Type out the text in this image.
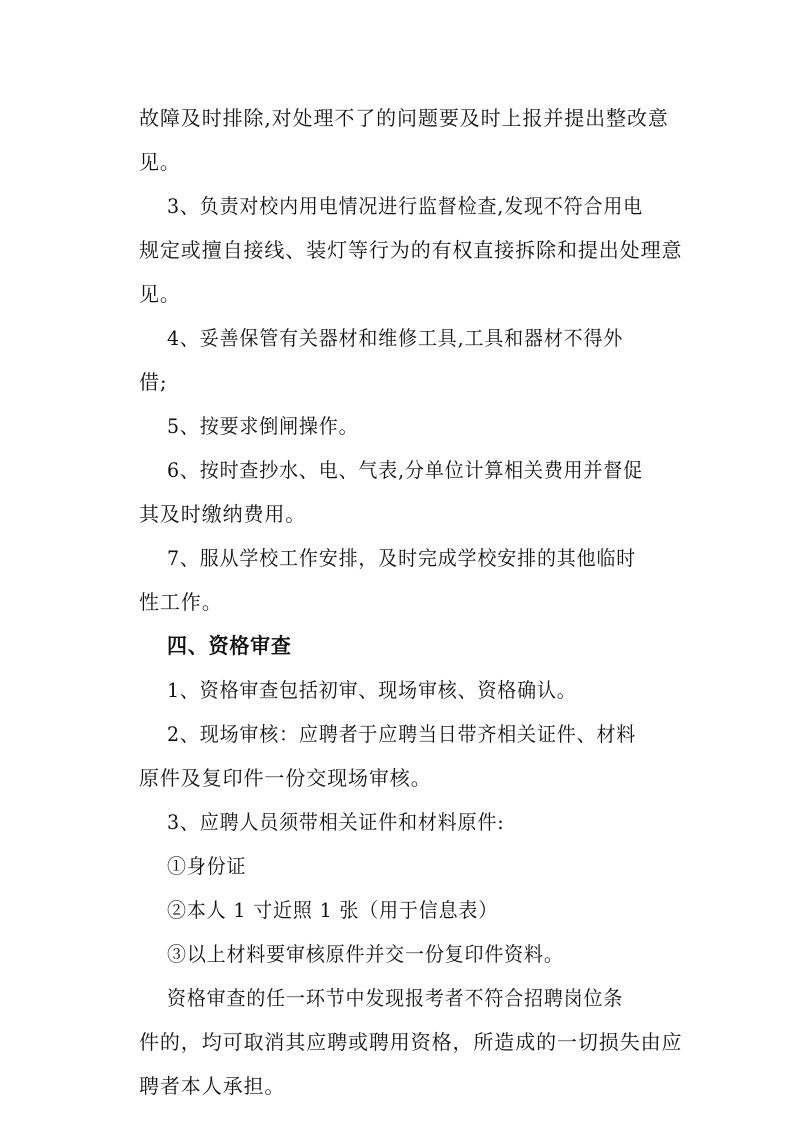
故障及时排除,对处理不了的问题要及时上报并提出整改意
见。
3、负责对校内用电情况进行监督检查,发现不符合用电
规定或擅自接线、装灯等行为的有权直接拆除和提出处理意
见。
4、妥善保管有关器材和维修工具,工具和器材不得外
借;
5、按要求倒闸操作。
6、按时查抄水、电、气表,分单位计算相关费用并督促
其及时缴纳费用。
7、服从学校工作安排，及时完成学校安排的其他临时
性工作。
四、资格审查
1、资格审查包括初审、现场审核、资格确认。
2、现场审核：应聘者于应聘当日带齐相关证件、材料
原件及复印件一份交现场审核。
3、应聘人员须带相关证件和材料原件:
①身份证
②本人 1 寸近照 1 张（用于信息表）
③以上材料要审核原件并交一份复印件资料。
资格审查的任一环节中发现报考者不符合招聘岗位条
件的，均可取消其应聘或聘用资格，所造成的一切损失由应
聘者本人承担。
